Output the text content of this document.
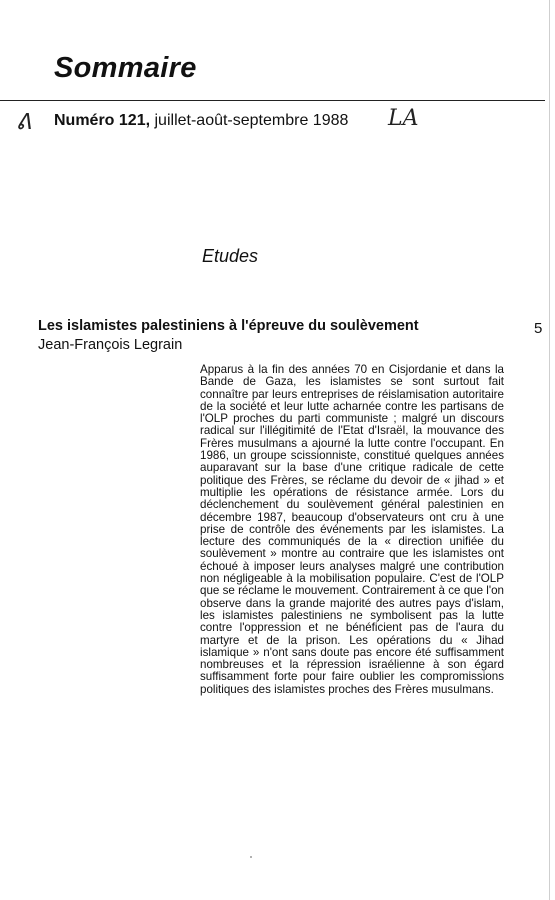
Sommaire
ᕕ Numéro 121, juillet-août-septembre 1988 LA
Etudes
Les islamistes palestiniens à l'épreuve du soulèvement	5
Jean-François Legrain

Apparus à la fin des années 70 en Cisjordanie et dans la Bande de Gaza, les islamistes se sont surtout fait connaître par leurs entreprises de réislamisation autoritaire de la société et leur lutte acharnée contre les partisans de l'OLP proches du parti communiste ; malgré un discours radical sur l'illégitimité de l'Etat d'Israël, la mouvance des Frères musulmans a ajourné la lutte contre l'occupant. En 1986, un groupe scissionniste, constitué quelques années auparavant sur la base d'une critique radicale de cette politique des Frères, se réclame du devoir de « jihad » et multiplie les opérations de résistance armée. Lors du déclenchement du soulèvement général palestinien en décembre 1987, beaucoup d'observateurs ont cru à une prise de contrôle des événements par les islamistes. La lecture des communiqués de la « direction unifiée du soulèvement » montre au contraire que les islamistes ont échoué à imposer leurs analyses malgré une contribution non négligeable à la mobilisation populaire. C'est de l'OLP que se réclame le mouvement. Contrairement à ce que l'on observe dans la grande majorité des autres pays d'islam, les islamistes palestiniens ne symbolisent pas la lutte contre l'oppression et ne bénéficient pas de l'aura du martyre et de la prison. Les opérations du « Jihad islamique » n'ont sans doute pas encore été suffisamment nombreuses et la répression israélienne à son égard suffisamment forte pour faire oublier les compromissions politiques des islamistes proches des Frères musulmans.
